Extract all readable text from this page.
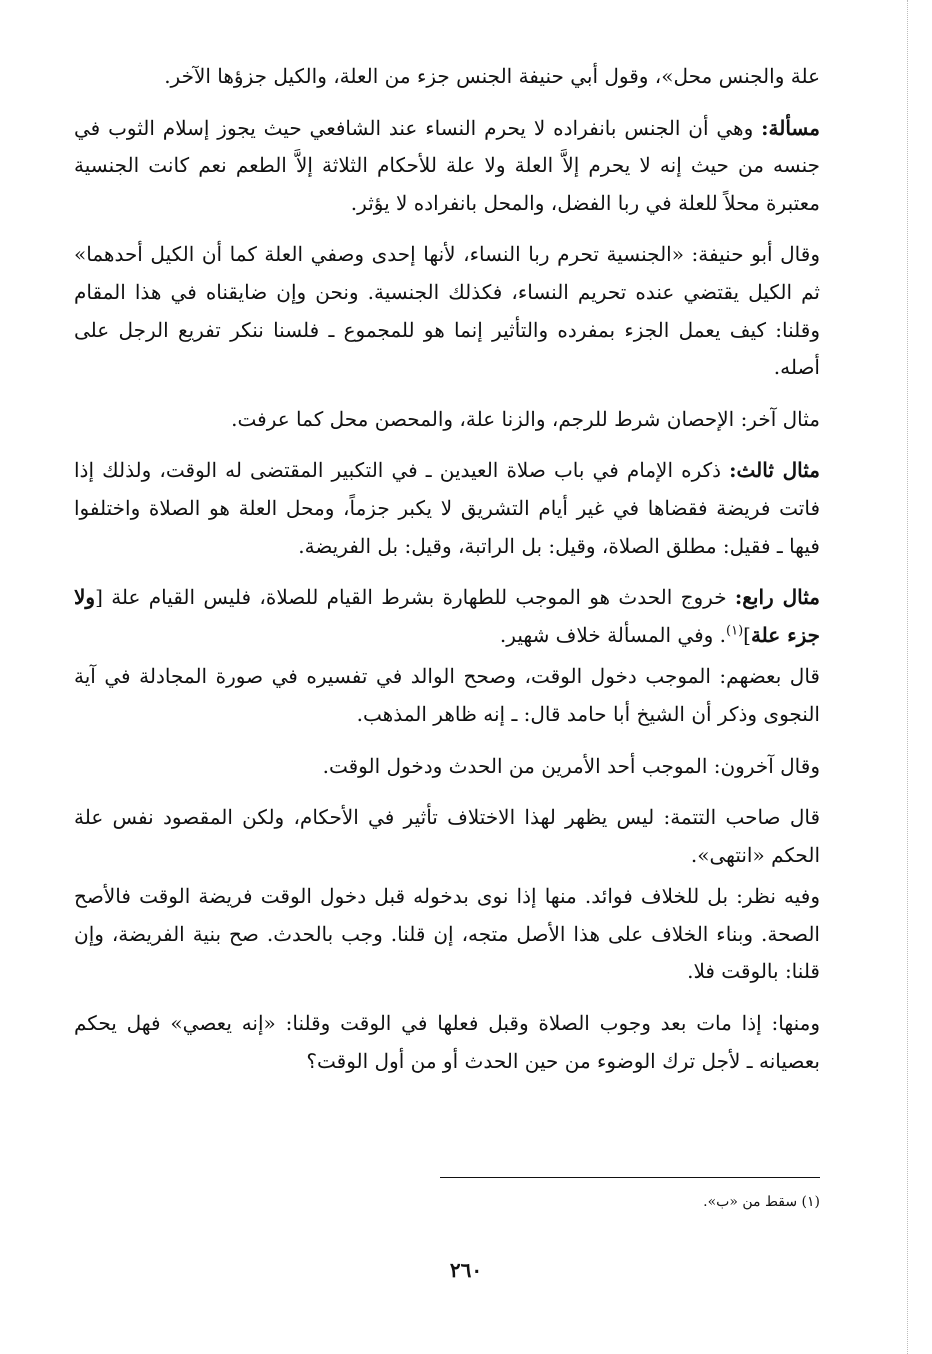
علة والجنس محل»، وقول أبي حنيفة الجنس جزء من العلة، والكيل جزؤها الآخر.

مسألة: وهي أن الجنس بانفراده لا يحرم النساء عند الشافعي حيث يجوز إسلام الثوب في جنسه من حيث إنه لا يحرم إلاَّ العلة ولا علة للأحكام الثلاثة إلاَّ الطعم نعم كانت الجنسية معتبرة محلاً للعلة في ربا الفضل، والمحل بانفراده لا يؤثر.

وقال أبو حنيفة: «الجنسية تحرم ربا النساء، لأنها إحدى وصفي العلة كما أن الكيل أحدهما» ثم الكيل يقتضي عنده تحريم النساء، فكذلك الجنسية. ونحن وإن ضايقناه في هذا المقام وقلنا: كيف يعمل الجزء بمفرده والتأثير إنما هو للمجموع ـ فلسنا ننكر تفريع الرجل على أصله.

مثال آخر: الإحصان شرط للرجم، والزنا علة، والمحصن محل كما عرفت.

مثال ثالث: ذكره الإمام في باب صلاة العيدين ـ في التكبير المقتضى له الوقت، ولذلك إذا فاتت فريضة فقضاها في غير أيام التشريق لا يكبر جزماً، ومحل العلة هو الصلاة واختلفوا فيها ـ فقيل: مطلق الصلاة، وقيل: بل الراتبة، وقيل: بل الفريضة.

مثال رابع: خروج الحدث هو الموجب للطهارة بشرط القيام للصلاة، فليس القيام علة [ولا جزء علة]$^{(١)}$. وفي المسألة خلاف شهير.

قال بعضهم: الموجب دخول الوقت، وصحح الوالد في تفسيره في صورة المجادلة في آية النجوى وذكر أن الشيخ أبا حامد قال: ـ إنه ظاهر المذهب.

وقال آخرون: الموجب أحد الأمرين من الحدث ودخول الوقت.

قال صاحب التتمة: ليس يظهر لهذا الاختلاف تأثير في الأحكام، ولكن المقصود نفس علة الحكم «انتهى».

وفيه نظر: بل للخلاف فوائد. منها إذا نوى بدخوله قبل دخول الوقت فريضة الوقت فالأصح الصحة. وبناء الخلاف على هذا الأصل متجه، إن قلنا. وجب بالحدث. صح بنية الفريضة، وإن قلنا: بالوقت فلا.

ومنها: إذا مات بعد وجوب الصلاة وقبل فعلها في الوقت وقلنا: «إنه يعصي» فهل يحكم بعصيانه ـ لأجل ترك الوضوء من حين الحدث أو من أول الوقت؟

(١) سقط من «ب».
٢٦٠
